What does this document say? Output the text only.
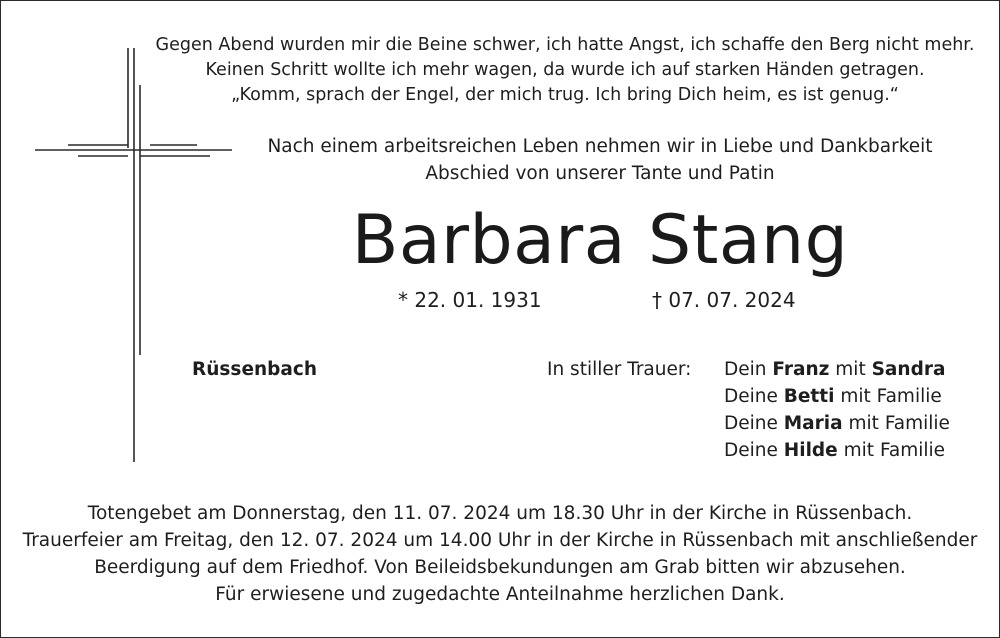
Gegen Abend wurden mir die Beine schwer, ich hatte Angst, ich schaffe den Berg nicht mehr.
Keinen Schritt wollte ich mehr wagen, da wurde ich auf starken Händen getragen.
„Komm, sprach der Engel, der mich trug. Ich bring Dich heim, es ist genug.“
Nach einem arbeitsreichen Leben nehmen wir in Liebe und Dankbarkeit
Abschied von unserer Tante und Patin
Barbara Stang
* 22. 01. 1931	† 07. 07. 2024
Rüssenbach	In stiller Trauer: Dein Franz mit Sandra
Deine Betti mit Familie
Deine Maria mit Familie
Deine Hilde mit Familie
Totengebet am Donnerstag, den 11. 07. 2024 um 18.30 Uhr in der Kirche in Rüssenbach.
Trauerfeier am Freitag, den 12. 07. 2024 um 14.00 Uhr in der Kirche in Rüssenbach mit anschließender
Beerdigung auf dem Friedhof. Von Beileidsbekundungen am Grab bitten wir abzusehen.
Für erwiesene und zugedachte Anteilnahme herzlichen Dank.
